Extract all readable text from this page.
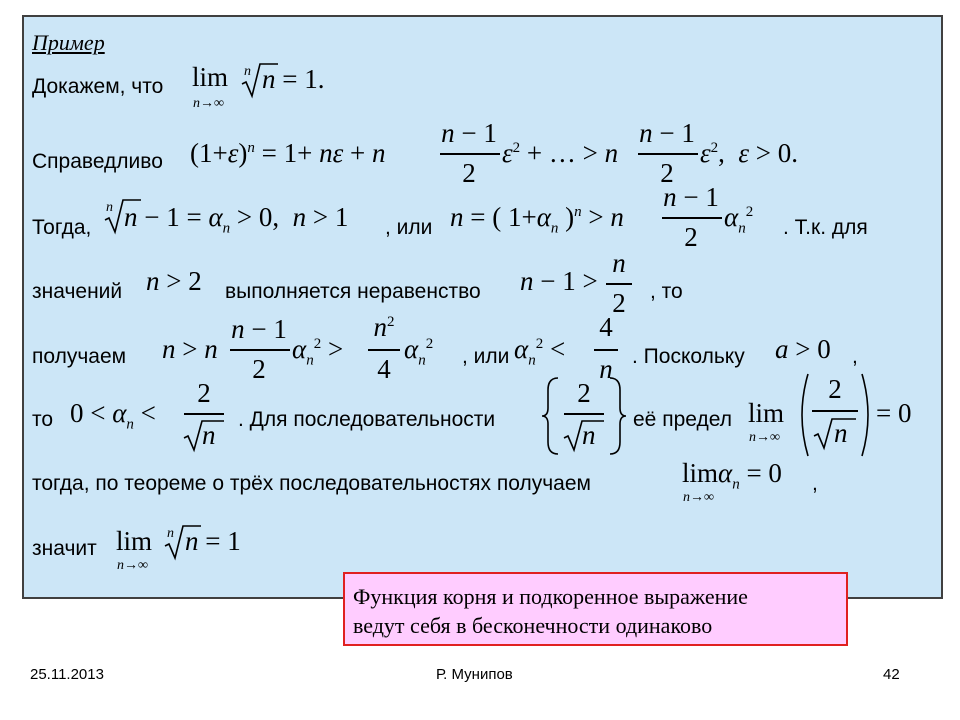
Пример
Докажем, что lim
n→∞
n n = 1.
Справедливо $(1+\varepsilon)^n = 1+ n\varepsilon + n$
n − 1
2
$\varepsilon^2$ + … > n
n − 1
2
$\varepsilon^2$,  ε > 0.
Тогда,
n $n - 1 = \alpha_n > 0$,  n > 1 , или n = ( $1+\alpha_n$ )$^n$ > n
n − 1
2
$\alpha_n^2$
. Т.к. для
значений n > 2 выполняется неравенство n − 1 >
n
2	, то
получаем n > n
n − 1
2
$\alpha_n^2$ >
$n^2$
4
$\alpha_n^2$
, или $\alpha_n^2$ <
4
n . Поскольку a > 0 ,
то $0 < \alpha_n$ <
2
n
. Для последовательности
2
n
её предел lim
n→∞
2
n
= 0
тогда, по теореме о трёх последовательностях получаем	limα$_n$ = 0
n→∞
,
значит lim
n→∞
n n = 1
Функция корня и подкоренное выражение
ведут себя в бесконечности одинаково
25.11.2013	Р. Мунипов	42
